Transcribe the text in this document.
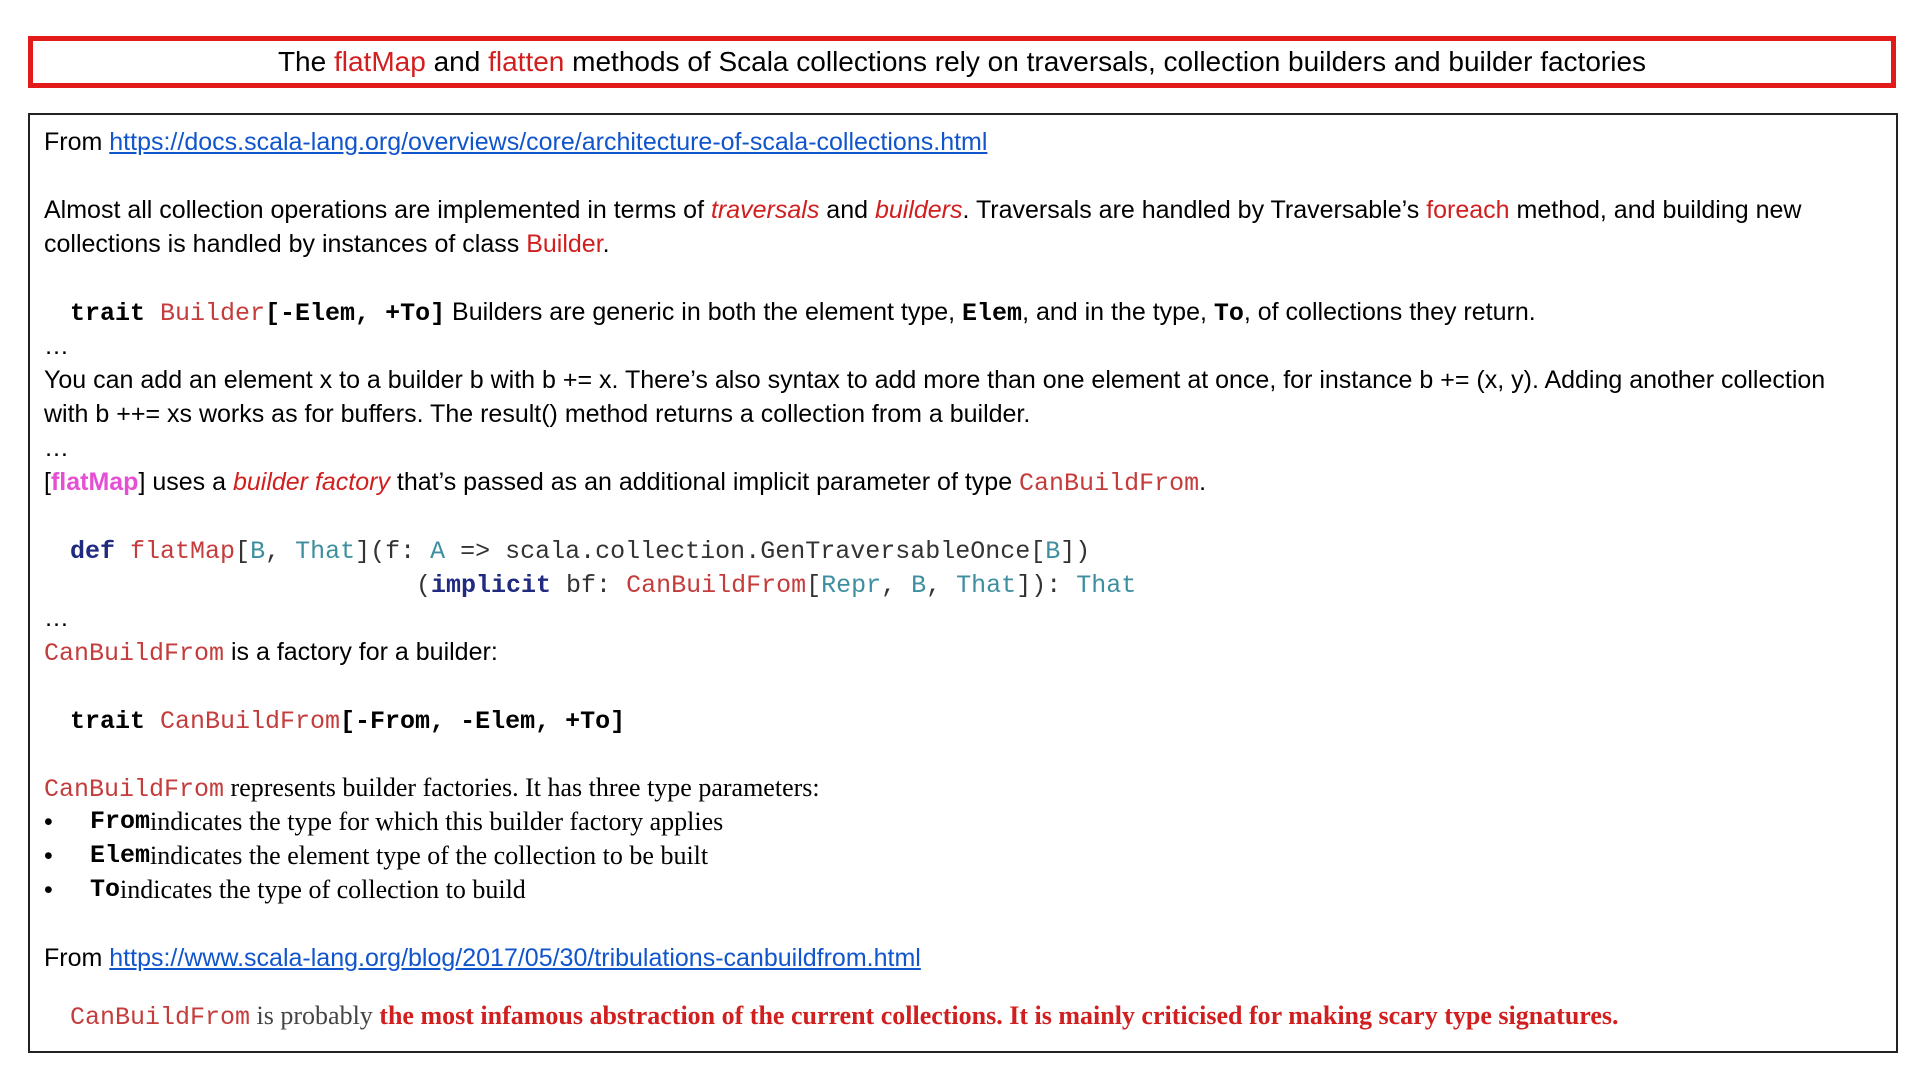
The flatMap and flatten methods of Scala collections rely on traversals, collection builders and builder factories
From https://docs.scala-lang.org/overviews/core/architecture-of-scala-collections.html
Almost all collection operations are implemented in terms of traversals and builders. Traversals are handled by Traversable’s foreach method, and building new
collections is handled by instances of class Builder.
trait Builder[-Elem, +To] Builders are generic in both the element type, Elem, and in the type, To, of collections they return.
…
You can add an element x to a builder b with b += x. There’s also syntax to add more than one element at once, for instance b += (x, y). Adding another collection
with b ++= xs works as for buffers. The result() method returns a collection from a builder.
…
[flatMap] uses a builder factory that’s passed as an additional implicit parameter of type CanBuildFrom.
def flatMap[B, That](f: A => scala.collection.GenTraversableOnce[B])
(implicit bf: CanBuildFrom[Repr, B, That]): That
…
CanBuildFrom is a factory for a builder:
trait CanBuildFrom[-From, -Elem, +To]
CanBuildFrom represents builder factories. It has three type parameters:
•	From indicates the type for which this builder factory applies
•	Elem indicates the element type of the collection to be built
•	To indicates the type of collection to build
From https://www.scala-lang.org/blog/2017/05/30/tribulations-canbuildfrom.html
CanBuildFrom is probably the most infamous abstraction of the current collections. It is mainly criticised for making scary type signatures.
